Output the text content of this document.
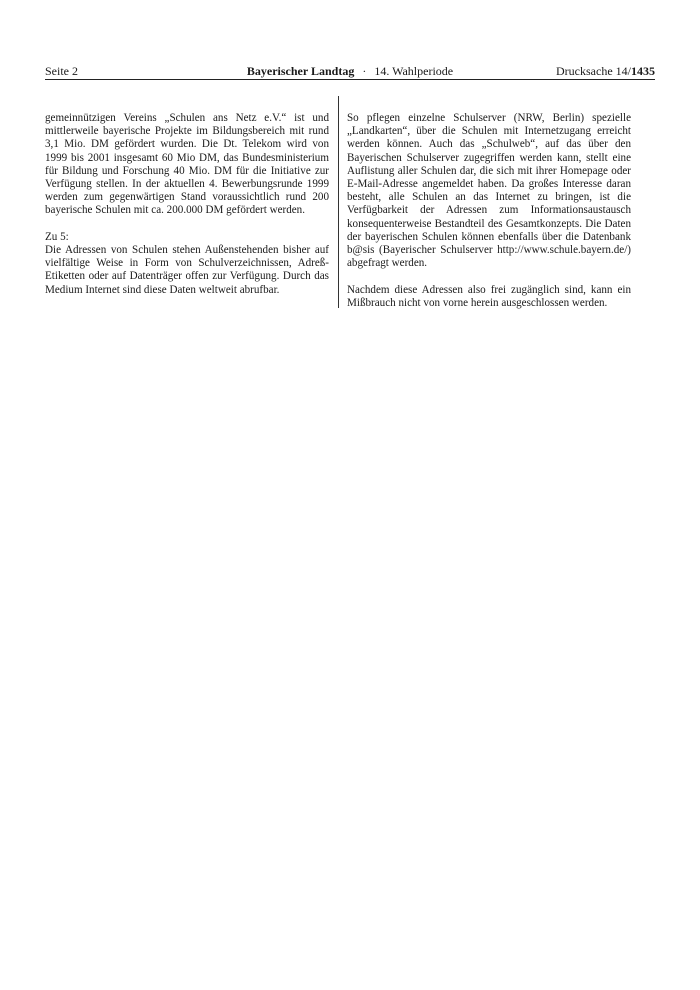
Seite 2	Bayerischer Landtag · 14. Wahlperiode	Drucksache 14/1435

gemeinnützigen Vereins „Schulen ans Netz e.V.“ ist und mittlerweile bayerische Projekte im Bildungsbereich mit rund 3,1 Mio. DM gefördert wurden. Die Dt. Telekom wird von 1999 bis 2001 insgesamt 60 Mio DM, das Bundesministerium für Bildung und Forschung 40 Mio. DM für die Initiative zur Verfügung stellen. In der aktuellen 4. Bewerbungsrunde 1999 werden zum gegenwärtigen Stand voraussichtlich rund 200 bayerische Schulen mit ca. 200.000 DM gefördert werden.

Zu 5:

Die Adressen von Schulen stehen Außenstehenden bisher auf vielfältige Weise in Form von Schulverzeichnissen, Adreß-Etiketten oder auf Datenträger offen zur Verfügung. Durch das Medium Internet sind diese Daten weltweit abrufbar.

So pflegen einzelne Schulserver (NRW, Berlin) spezielle „Landkarten“, über die Schulen mit Internetzugang erreicht werden können. Auch das „Schulweb“, auf das über den Bayerischen Schulserver zugegriffen werden kann, stellt eine Auflistung aller Schulen dar, die sich mit ihrer Homepage oder E-Mail-Adresse angemeldet haben. Da großes Interesse daran besteht, alle Schulen an das Internet zu bringen, ist die Verfügbarkeit der Adressen zum Informationsaustausch konsequenterweise Bestandteil des Gesamtkonzepts. Die Daten der bayerischen Schulen können ebenfalls über die Datenbank b@sis (Bayerischer Schulserver http://www.schule.bayern.de/) abgefragt werden.

Nachdem diese Adressen also frei zugänglich sind, kann ein Mißbrauch nicht von vorne herein ausgeschlossen werden.
